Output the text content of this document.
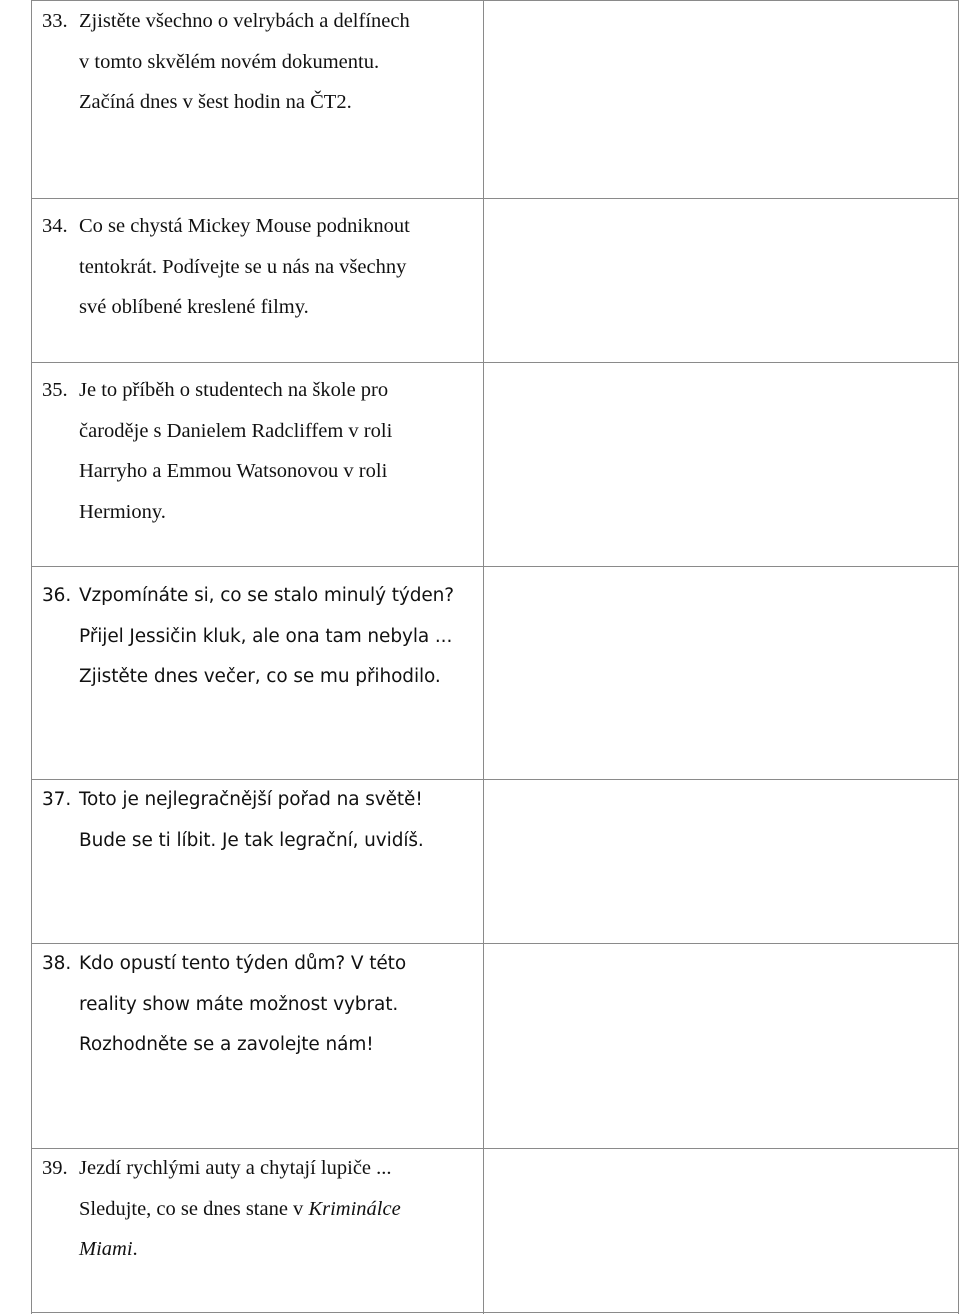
33. Zjistěte všechno o velrybách a delfínech
v tomto skvělém novém dokumentu.
Začíná dnes v šest hodin na ČT2.
34. Co se chystá Mickey Mouse podniknout
tentokrát. Podívejte se u nás na všechny
své oblíbené kreslené filmy.
35. Je to příběh o studentech na škole pro
čaroděje s Danielem Radcliffem v roli
Harryho a Emmou Watsonovou v roli
Hermiony.
36. Vzpomínáte si, co se stalo minulý týden?
Přijel Jessičin kluk, ale ona tam nebyla ...
Zjistěte dnes večer, co se mu přihodilo.
37. Toto je nejlegračnější pořad na světě!
Bude se ti líbit. Je tak legrační, uvidíš.
38. Kdo opustí tento týden dům? V této
reality show máte možnost vybrat.
Rozhodněte se a zavolejte nám!
39. Jezdí rychlými auty a chytají lupiče ...
Sledujte, co se dnes stane v Kriminálce
Miami.
